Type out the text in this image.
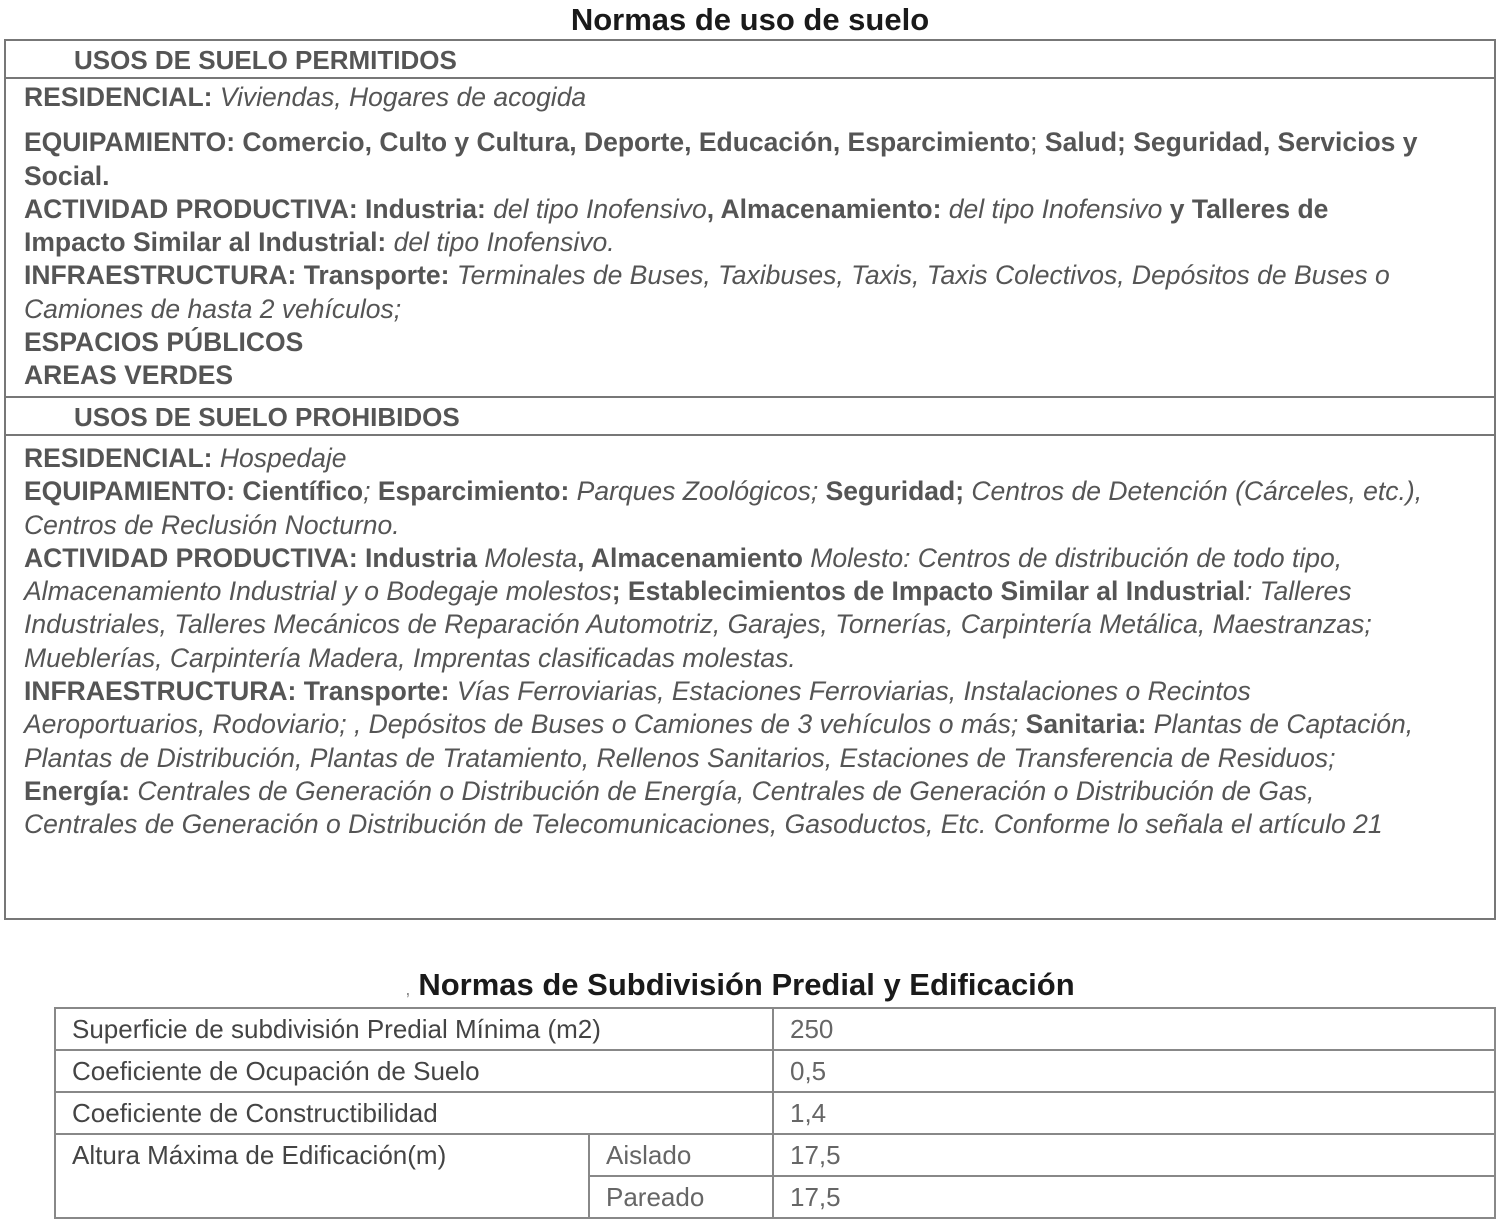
Normas de uso de suelo
USOS DE SUELO PERMITIDOS

RESIDENCIAL: Viviendas, Hogares de acogida

EQUIPAMIENTO: Comercio, Culto y Cultura, Deporte, Educación, Esparcimiento; Salud; Seguridad, Servicios y Social.

ACTIVIDAD PRODUCTIVA: Industria: del tipo Inofensivo, Almacenamiento: del tipo Inofensivo y Talleres de Impacto Similar al Industrial: del tipo Inofensivo.

INFRAESTRUCTURA: Transporte: Terminales de Buses, Taxibuses, Taxis, Taxis Colectivos, Depósitos de Buses o Camiones de hasta 2 vehículos;

ESPACIOS PÚBLICOS

AREAS VERDES

USOS DE SUELO PROHIBIDOS

RESIDENCIAL: Hospedaje

EQUIPAMIENTO: Científico; Esparcimiento: Parques Zoológicos; Seguridad; Centros de Detención (Cárceles, etc.), Centros de Reclusión Nocturno.

ACTIVIDAD PRODUCTIVA: Industria Molesta, Almacenamiento Molesto: Centros de distribución de todo tipo, Almacenamiento Industrial y o Bodegaje molestos; Establecimientos de Impacto Similar al Industrial: Talleres Industriales, Talleres Mecánicos de Reparación Automotriz, Garajes, Tornerías, Carpintería Metálica, Maestranzas; Mueblerías, Carpintería Madera, Imprentas clasificadas molestas.

INFRAESTRUCTURA: Transporte: Vías Ferroviarias, Estaciones Ferroviarias, Instalaciones o Recintos Aeroportuarios, Rodoviario; , Depósitos de Buses o Camiones de 3 vehículos o más; Sanitaria: Plantas de Captación, Plantas de Distribución, Plantas de Tratamiento, Rellenos Sanitarios, Estaciones de Transferencia de Residuos; Energía: Centrales de Generación o Distribución de Energía, Centrales de Generación o Distribución de Gas, Centrales de Generación o Distribución de Telecomunicaciones, Gasoductos, Etc. Conforme lo señala el artículo 21

, Normas de Subdivisión Predial y Edificación
Superficie de subdivisión Predial Mínima (m2)		250
Coeficiente de Ocupación de Suelo		0,5
Coeficiente de Constructibilidad		1,4
Altura Máxima de Edificación(m)	Aislado	17,5
	Pareado	17,5
